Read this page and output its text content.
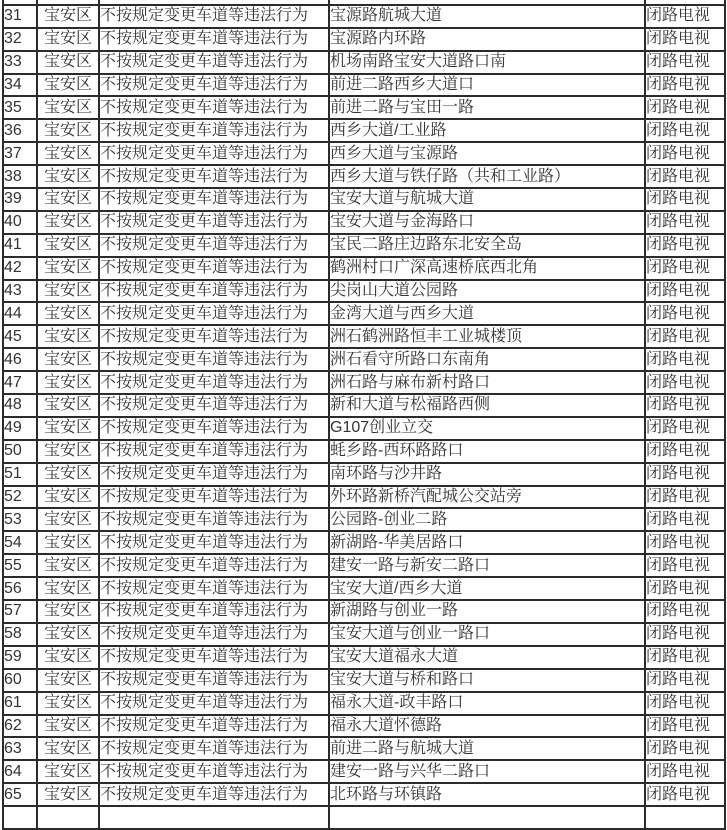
31	宝安区	不按规定变更车道等违法行为	宝源路航城大道	闭路电视
32	宝安区	不按规定变更车道等违法行为	宝源路内环路	闭路电视
33	宝安区	不按规定变更车道等违法行为	机场南路宝安大道路口南	闭路电视
34	宝安区	不按规定变更车道等违法行为	前进二路西乡大道口	闭路电视
35	宝安区	不按规定变更车道等违法行为	前进二路与宝田一路	闭路电视
36	宝安区	不按规定变更车道等违法行为	西乡大道/工业路	闭路电视
37	宝安区	不按规定变更车道等违法行为	西乡大道与宝源路	闭路电视
38	宝安区	不按规定变更车道等违法行为	西乡大道与铁仔路（共和工业路）	闭路电视
39	宝安区	不按规定变更车道等违法行为	宝安大道与航城大道	闭路电视
40	宝安区	不按规定变更车道等违法行为	宝安大道与金海路口	闭路电视
41	宝安区	不按规定变更车道等违法行为	宝民二路庄边路东北安全岛	闭路电视
42	宝安区	不按规定变更车道等违法行为	鹤洲村口广深高速桥底西北角	闭路电视
43	宝安区	不按规定变更车道等违法行为	尖岗山大道公园路	闭路电视
44	宝安区	不按规定变更车道等违法行为	金湾大道与西乡大道	闭路电视
45	宝安区	不按规定变更车道等违法行为	洲石鹤洲路恒丰工业城楼顶	闭路电视
46	宝安区	不按规定变更车道等违法行为	洲石看守所路口东南角	闭路电视
47	宝安区	不按规定变更车道等违法行为	洲石路与麻布新村路口	闭路电视
48	宝安区	不按规定变更车道等违法行为	新和大道与松福路西侧	闭路电视
49	宝安区	不按规定变更车道等违法行为	G107创业立交	闭路电视
50	宝安区	不按规定变更车道等违法行为	蚝乡路-西环路路口	闭路电视
51	宝安区	不按规定变更车道等违法行为	南环路与沙井路	闭路电视
52	宝安区	不按规定变更车道等违法行为	外环路新桥汽配城公交站旁	闭路电视
53	宝安区	不按规定变更车道等违法行为	公园路-创业二路	闭路电视
54	宝安区	不按规定变更车道等违法行为	新湖路-华美居路口	闭路电视
55	宝安区	不按规定变更车道等违法行为	建安一路与新安二路口	闭路电视
56	宝安区	不按规定变更车道等违法行为	宝安大道/西乡大道	闭路电视
57	宝安区	不按规定变更车道等违法行为	新湖路与创业一路	闭路电视
58	宝安区	不按规定变更车道等违法行为	宝安大道与创业一路口	闭路电视
59	宝安区	不按规定变更车道等违法行为	宝安大道福永大道	闭路电视
60	宝安区	不按规定变更车道等违法行为	宝安大道与桥和路口	闭路电视
61	宝安区	不按规定变更车道等违法行为	福永大道-政丰路口	闭路电视
62	宝安区	不按规定变更车道等违法行为	福永大道怀德路	闭路电视
63	宝安区	不按规定变更车道等违法行为	前进二路与航城大道	闭路电视
64	宝安区	不按规定变更车道等违法行为	建安一路与兴华二路口	闭路电视
65	宝安区	不按规定变更车道等违法行为	北环路与环镇路	闭路电视
